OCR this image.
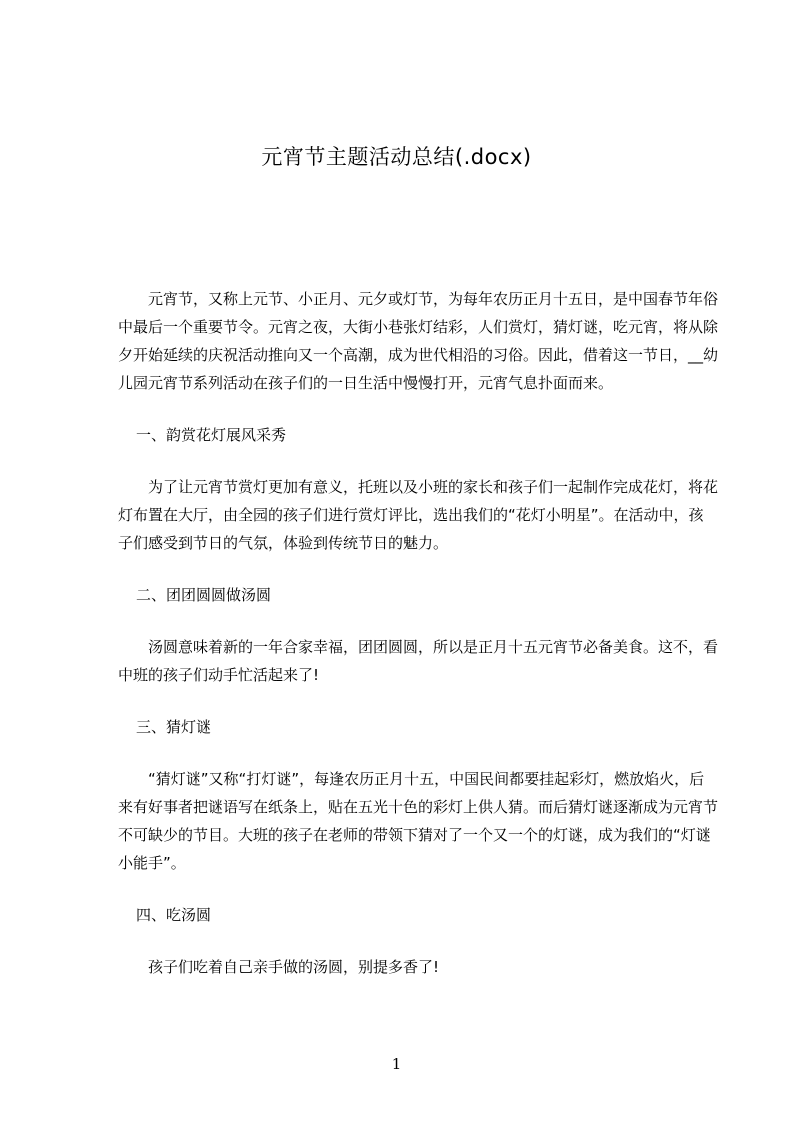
元宵节主题活动总结(.docx)

元宵节，又称上元节、小正月、元夕或灯节，为每年农历正月十五日，是中国春节年俗中最后一个重要节令。元宵之夜，大街小巷张灯结彩，人们赏灯，猜灯谜，吃元宵，将从除夕开始延续的庆祝活动推向又一个高潮，成为世代相沿的习俗。因此，借着这一节日，__幼儿园元宵节系列活动在孩子们的一日生活中慢慢打开，元宵气息扑面而来。

一、韵赏花灯展风采秀

为了让元宵节赏灯更加有意义，托班以及小班的家长和孩子们一起制作完成花灯，将花灯布置在大厅，由全园的孩子们进行赏灯评比，选出我们的“花灯小明星”。在活动中，孩子们感受到节日的气氛，体验到传统节日的魅力。

二、团团圆圆做汤圆

汤圆意味着新的一年合家幸福，团团圆圆，所以是正月十五元宵节必备美食。这不，看中班的孩子们动手忙活起来了!

三、猜灯谜

“猜灯谜”又称“打灯谜”，每逢农历正月十五，中国民间都要挂起彩灯，燃放焰火，后来有好事者把谜语写在纸条上，贴在五光十色的彩灯上供人猜。而后猜灯谜逐渐成为元宵节不可缺少的节目。大班的孩子在老师的带领下猜对了一个又一个的灯谜，成为我们的“灯谜小能手”。

四、吃汤圆

孩子们吃着自己亲手做的汤圆，别提多香了!

1
